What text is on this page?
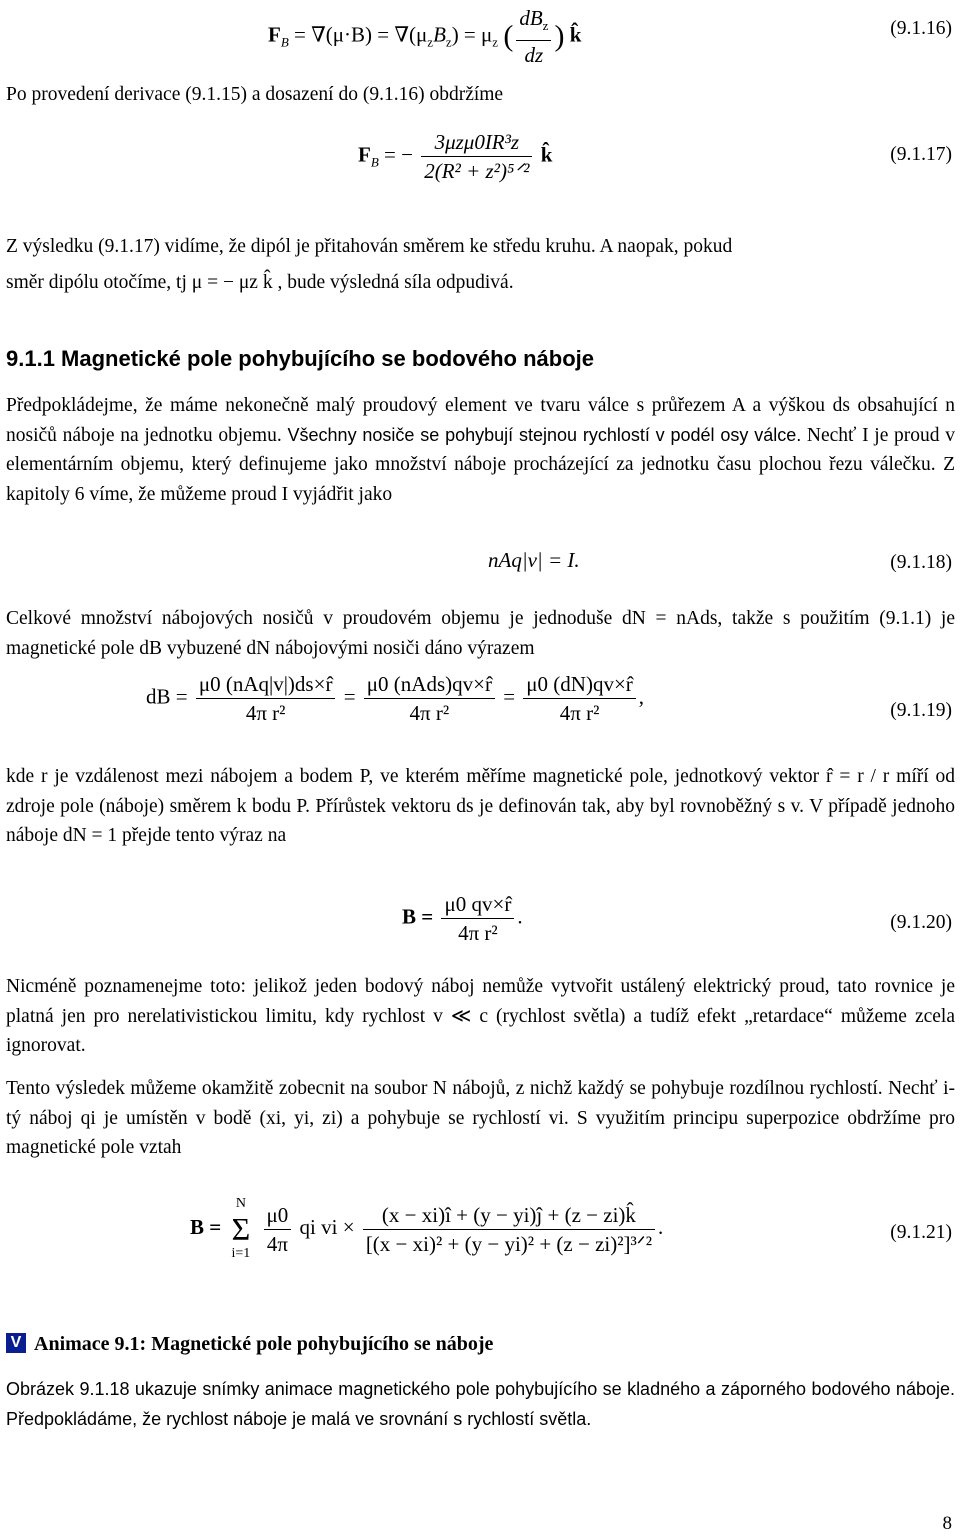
$F_B = \nabla(\mu\cdot B) = \nabla(\mu_zB_z) = \mu_z$ ( $\frac{dB_z}{dz}$ ) k̂	(9.1.16)
Po provedení derivace (9.1.15) a dosazení do (9.1.16) obdržíme
$F_B$ = − $\frac{\text{3μzμ0IR³z}}{\text{2(R² + z²)⁵ᐟ²}}$ k̂	(9.1.17)
Z výsledku (9.1.17) vidíme, že dipól je přitahován směrem ke středu kruhu. A naopak, pokud
směr dipólu otočíme, tj μ = − μz k̂ , bude výsledná síla odpudivá.
9.1.1 Magnetické pole pohybujícího se bodového náboje
Předpokládejme, že máme nekonečně malý proudový element ve tvaru válce s průřezem A a výškou ds obsahující n nosičů náboje na jednotku objemu. Všechny nosiče se pohybují stejnou rychlostí v podél osy válce. Nechť I je proud v elementárním objemu, který definujeme jako množství náboje procházející za jednotku času plochou řezu válečku. Z kapitoly 6 víme, že můžeme proud I vyjádřit jako
nAq|v| = I.	(9.1.18)
Celkové množství nábojových nosičů v proudovém objemu je jednoduše dN = nAds, takže s použitím (9.1.1) je magnetické pole dB vybuzené dN nábojovými nosiči dáno výrazem
dB = $\frac{\text{μ0 (nAq|v|)ds×r̂}}{\text{4π r²}} = \frac{\text{μ0 (nAds)qv×r̂}}{\text{4π r²}} = \frac{\mu 0 (dN)qv\times r̂}{\text{4π r²}}$ ,
(9.1.19)
kde r je vzdálenost mezi nábojem a bodem P, ve kterém měříme magnetické pole, jednotkový vektor r̂ = r / r míří od zdroje pole (náboje) směrem k bodu P. Přírůstek vektoru ds je definován tak, aby byl rovnoběžný s v. V případě jednoho náboje dN = 1 přejde tento výraz na
$B = \frac{\mu 0 qv\times r̂}{\text{4π r²}}$ .	(9.1.20)
Nicméně poznamenejme toto: jelikož jeden bodový náboj nemůže vytvořit ustálený elektrický proud, tato rovnice je platná jen pro nerelativistickou limitu, kdy rychlost v ≪ c (rychlost světla) a tudíž efekt „retardace“ můžeme zcela ignorovat.
Tento výsledek můžeme okamžitě zobecnit na soubor N nábojů, z nichž každý se pohybuje rozdílnou rychlostí. Nechť i-tý náboj qi je umístěn v bodě (xi, yi, zi) a pohybuje se rychlostí vi. S využitím principu superpozice obdržíme pro magnetické pole vztah
B =
N
Σ
i=1
$\frac{\mu 0}{4\pi}$ qi vi × $\frac{(x - xi)î + (y - yi)ĵ + (z - zi)k̂}{\text{[(x − xi)² + (y − yi)² + (z − zi)²]³ᐟ²}}$ .	(9.1.21)
V Animace 9.1: Magnetické pole pohybujícího se náboje
Obrázek 9.1.18 ukazuje snímky animace magnetického pole pohybujícího se kladného a záporného bodového náboje. Předpokládáme, že rychlost náboje je malá ve srovnání s rychlostí světla.
8
